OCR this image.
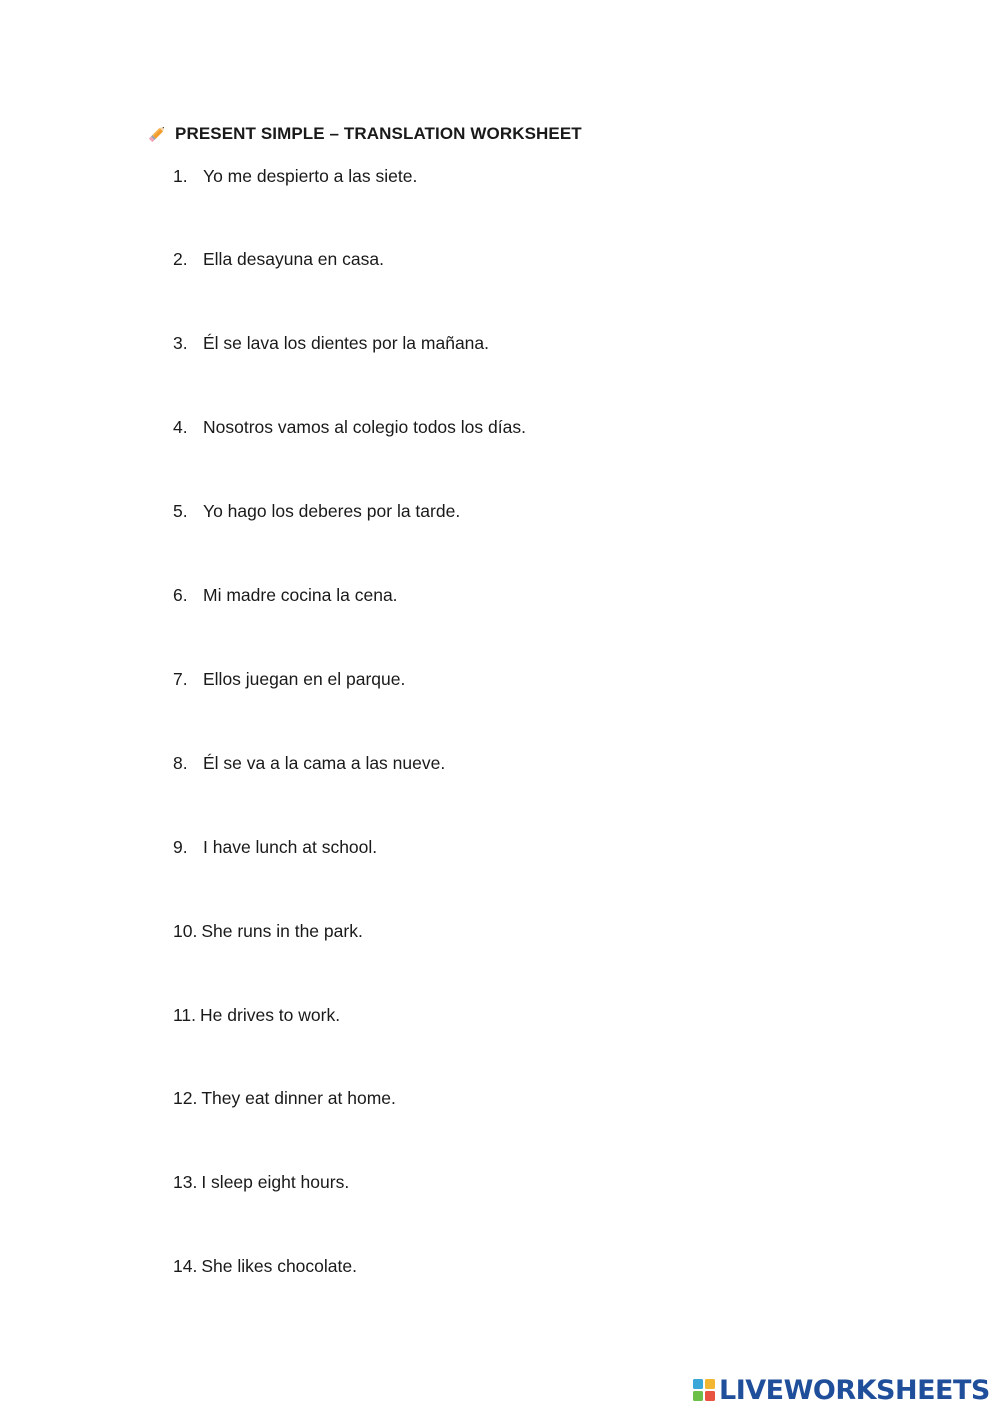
PRESENT SIMPLE – TRANSLATION WORKSHEET
1. Yo me despierto a las siete.
2. Ella desayuna en casa.
3. Él se lava los dientes por la mañana.
4. Nosotros vamos al colegio todos los días.
5. Yo hago los deberes por la tarde.
6. Mi madre cocina la cena.
7. Ellos juegan en el parque.
8. Él se va a la cama a las nueve.
9. I have lunch at school.
10. She runs in the park.
11. He drives to work.
12. They eat dinner at home.
13. I sleep eight hours.
14. She likes chocolate.
LIVEWORKSHEETS
